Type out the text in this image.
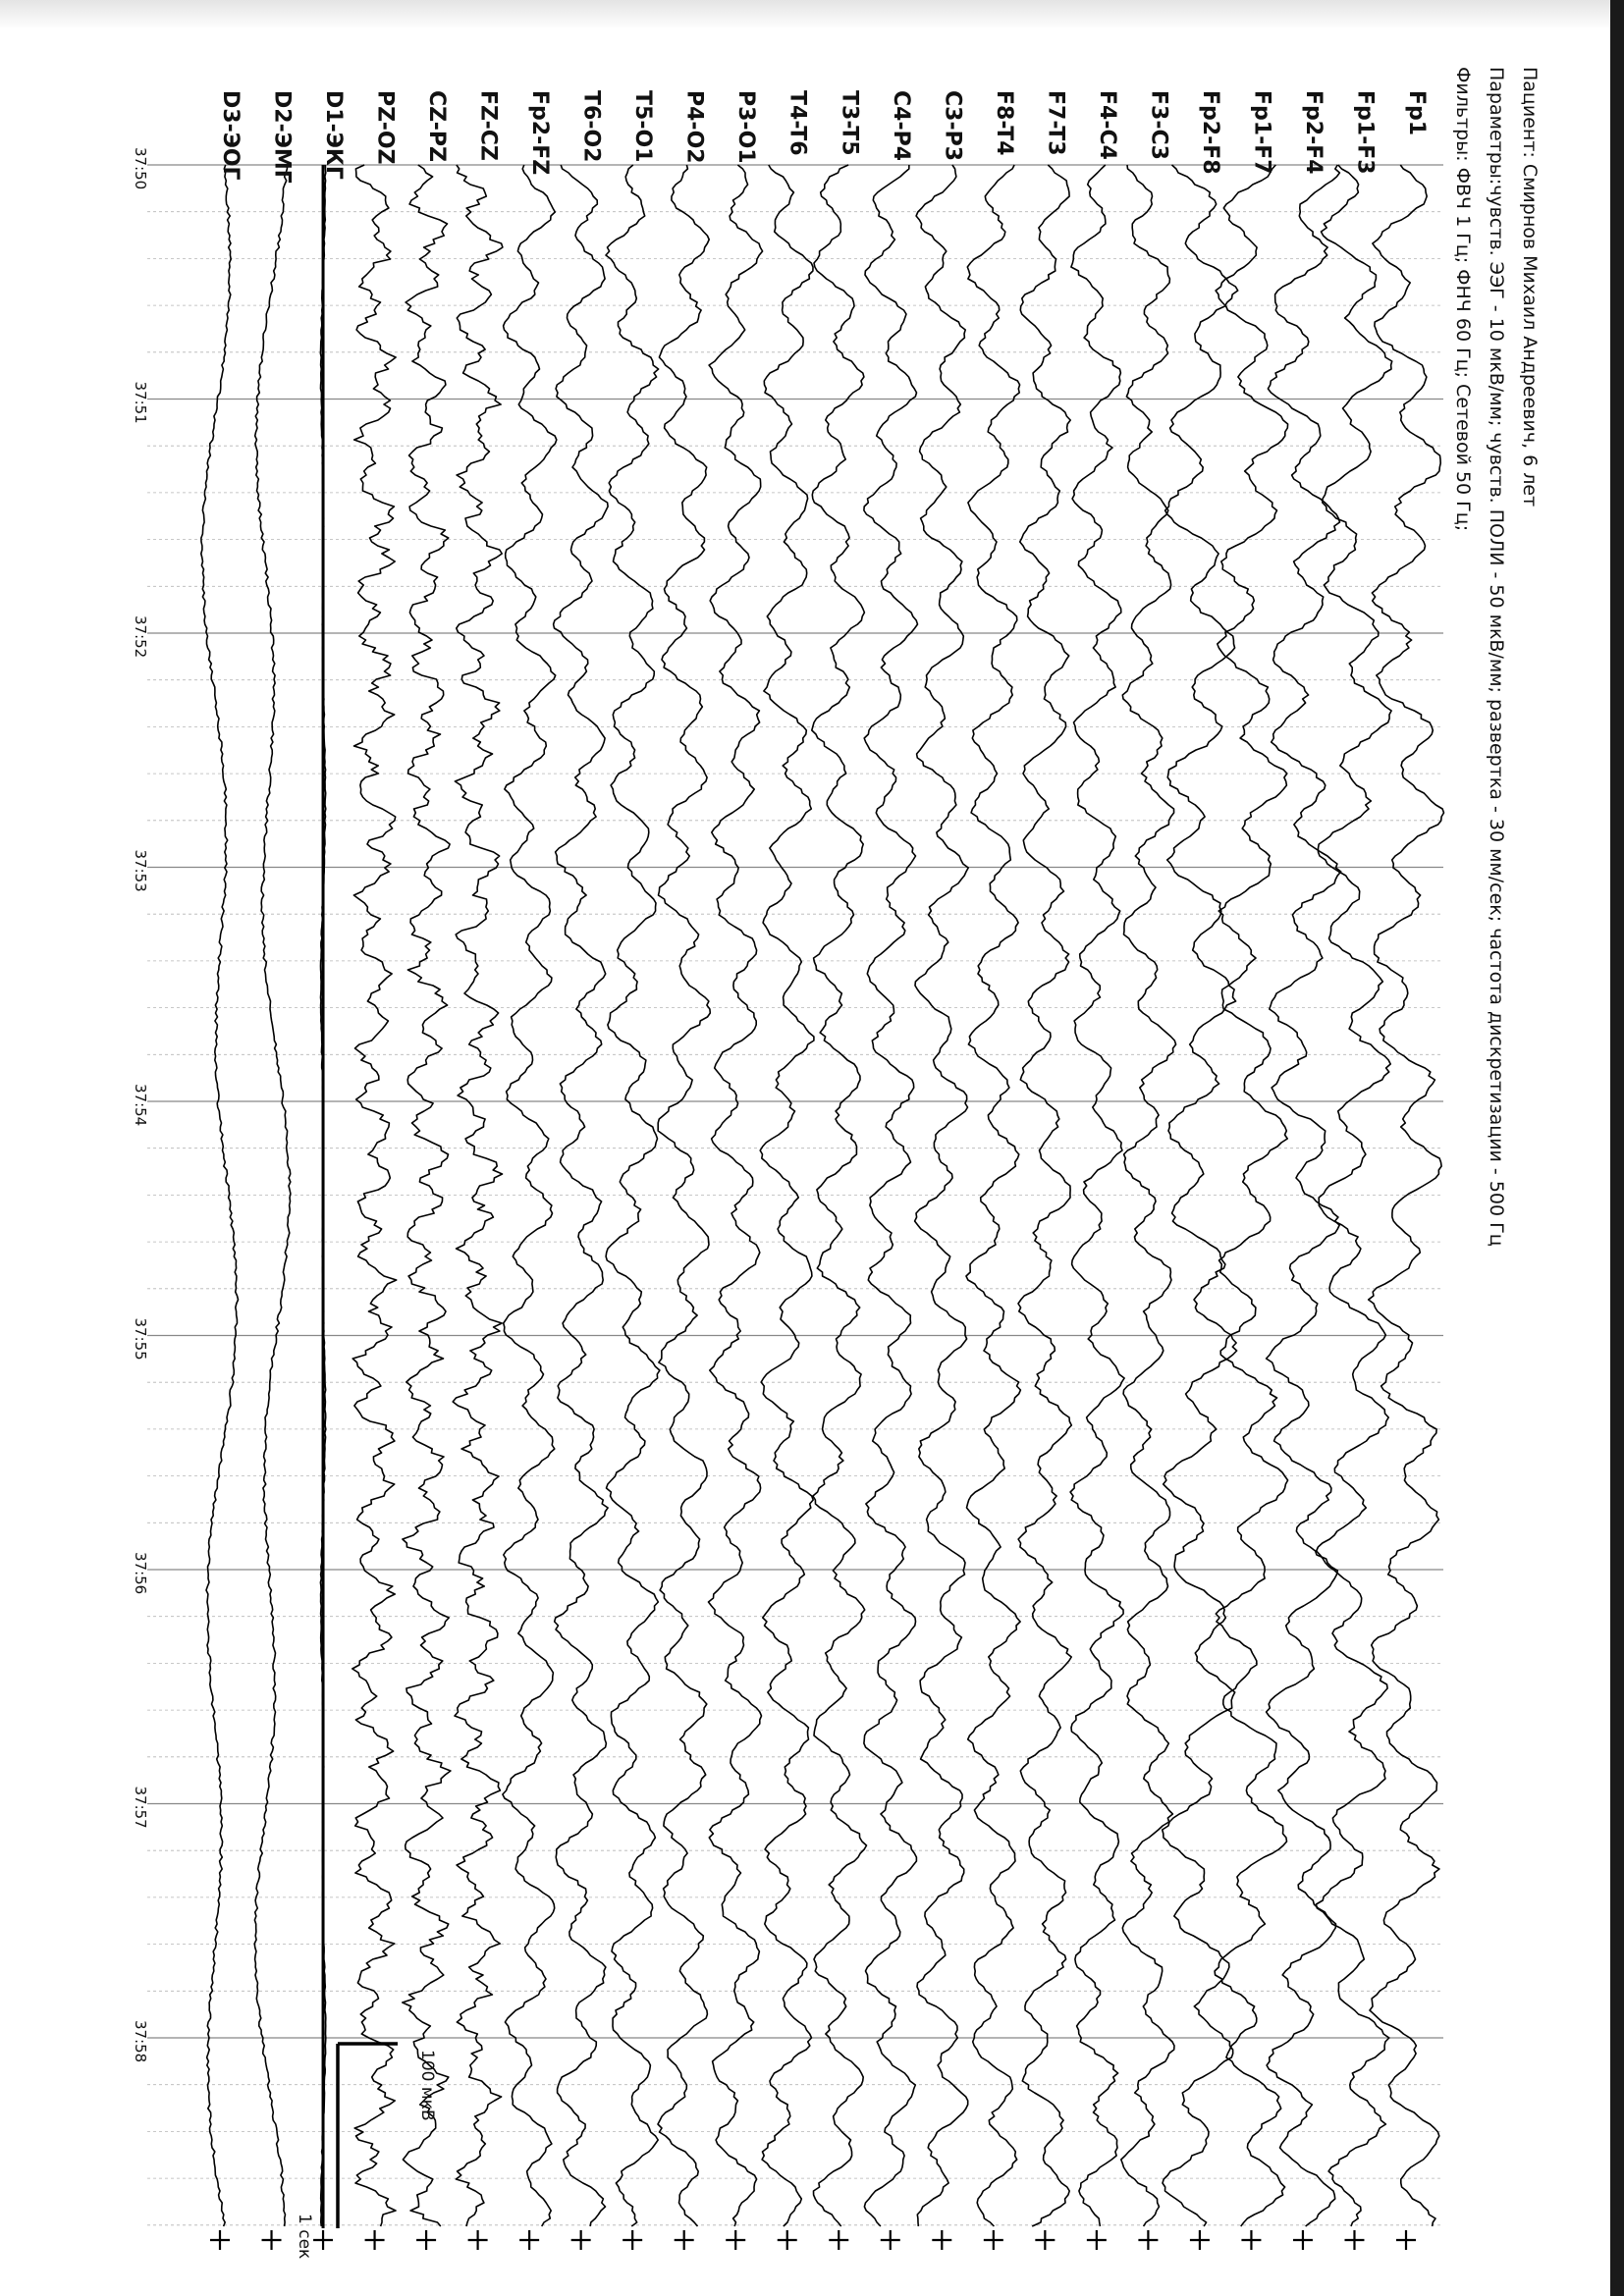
Fp1
Fp1-F3
Fp2-F4
Fp1-F7
Fp2-F8
F3-C3
F4-C4
F7-T3
F8-T4
C3-P3
C4-P4
T3-T5
T4-T6
P3-O1
P4-O2
T5-O1
T6-O2
Fp2-FZ
FZ-CZ
CZ-PZ
PZ-OZ
D1-ЭКГ
D2-ЭМГ
D3-ЭОГ
37:50
37:51
37:52
37:53
37:54
37:55
37:56
37:57
37:58
Пациент: Смирнов Михаил Андреевич, 6 лет
Параметры:чувств. ЭЭГ - 10 мкВ/мм; чувств. ПОЛИ - 50 мкВ/мм; развертка - 30 мм/сек; частота дискретизации - 500 Гц
Фильтры: ФВЧ 1 Гц; ФНЧ 60 Гц; Сетевой 50 Гц;
100 мкВ
1 сек
